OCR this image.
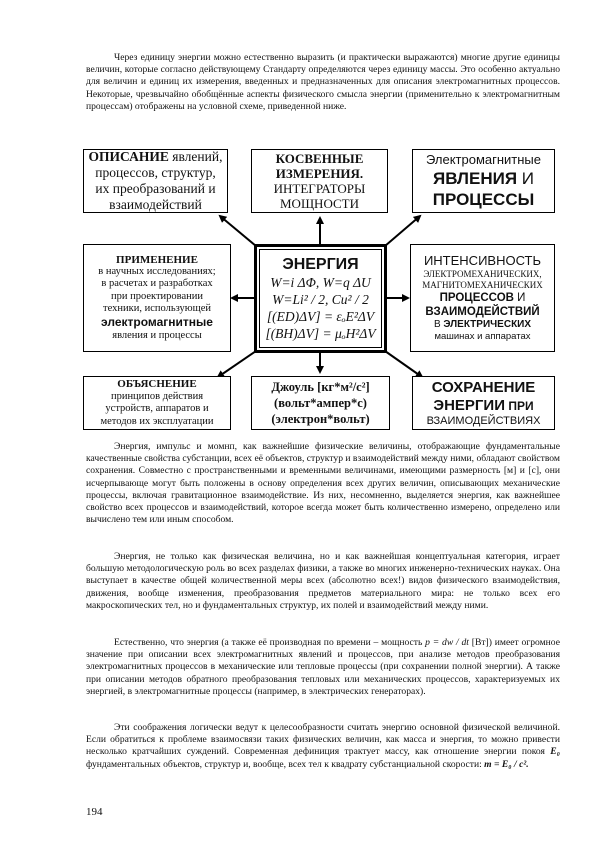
Через единицу энергии можно естественно выразить (и практически выражаются) многие другие единицы величин, которые согласно действующему Стандарту определяются через единицу массы. Это особенно актуально для величин и единиц их измерения, введенных и предназначенных для описания электромагнитных процессов. Некоторые, чрезвычайно обобщённые аспекты физического смысла энергии (применительно к электромагнитным процессам) отображены на условной схеме, приведенной ниже.

ОПИСАНИЕ явлений, процессов, структур, их преобразований и взаимодействий
КОСВЕННЫЕ
ИЗМЕРЕНИЯ.
ИНТЕГРАТОРЫ
МОЩНОСТИ
Электромагнитные
ЯВЛЕНИЯ И
ПРОЦЕССЫ
ПРИМЕНЕНИЕ
в научных исследованиях;
в расчетах и разработках
при проектировании
техники, использующей
электромагнитные
явления и процессы
ЭНЕРГИЯ
W=i ΔΦ, W=q ΔU
W=Li² / 2, Cu² / 2
[(ED)ΔV] = εₒE²ΔV
[(BH)ΔV] = μₒH²ΔV
ИНТЕНСИВНОСТЬ
ЭЛЕКТРОМЕХАНИЧЕСКИХ,
МАГНИТОМЕХАНИЧЕСКИХ
ПРОЦЕССОВ И
ВЗАИМОДЕЙСТВИЙ
В ЭЛЕКТРИЧЕСКИХ
машинах и аппаратах
ОБЪЯСНЕНИЕ
принципов действия
устройств, аппаратов и
методов их эксплуатации
Джоуль [кг*м²/с²]
(вольт*ампер*с)
(электрон*вольт)
СОХРАНЕНИЕ
ЭНЕРГИИ ПРИ
ВЗАИМОДЕЙСТВИЯХ

Энергия, импульс и момнп, как важнейшие физические величины, отображающие фундаментальные качественные свойства субстанции, всех её объектов, структур и взаимодействий между ними, обладают свойством сохранения. Совместно с пространственными и временными величинами, имеющими размерность [м] и [с], они исчерпывающе могут быть положены в основу определения всех других величин, описывающих механические процессы, включая гравитационное взаимодействие. Из них, несомненно, выделяется энергия, как важнейшее свойство всех процессов и взаимодействий, которое всегда может быть количественно измерено, определено или вычислено тем или иным способом.

Энергия, не только как физическая величина, но и как важнейшая концептуальная категория, играет большую методологическую роль во всех разделах физики, а также во многих инженерно-технических науках. Она выступает в качестве общей количественной меры всех (абсолютно всех!) видов физического взаимодействия, движения, вообще изменения, преобразования предметов материального мира: не только всех его макроскопических тел, но и фундаментальных структур, их полей и взаимодействий между ними.

Естественно, что энергия (а также её производная по времени – мощность p = dw / dt [Вт]) имеет огромное значение при описании всех электромагнитных явлений и процессов, при анализе методов преобразования электромагнитных процессов в механические или тепловые процессы (при сохранении полной энергии). А также при описании методов обратного преобразования тепловых или механических процессов, характеризуемых их энергией, в электромагнитные процессы (например, в электрических генераторах).

Эти соображения логически ведут к целесообразности считать энергию основной физической величиной. Если обратиться к проблеме взаимосвязи таких физических величин, как масса и энергия, то можно привести несколько кратчайших суждений. Современная дефиниция трактует массу, как отношение энергии покоя E₀ фундаментальных объектов, структур и, вообще, всех тел к квадрату субстанциальной скорости: m = E₀ / c².

194
